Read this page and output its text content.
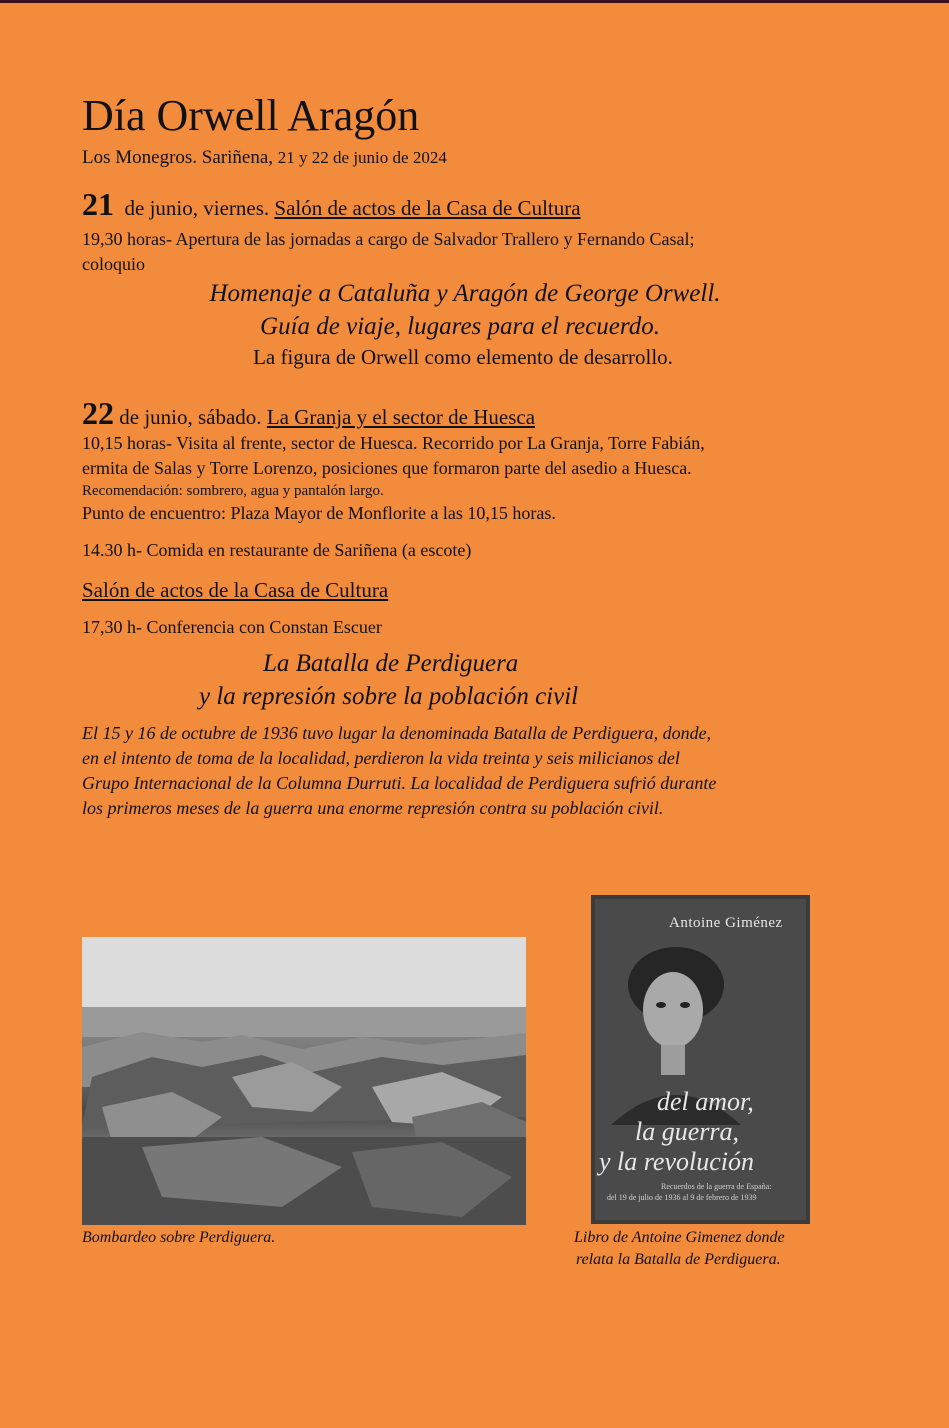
Día Orwell Aragón

Los Monegros. Sariñena, 21 y 22 de junio de 2024

21 de junio, viernes. Salón de actos de la Casa de Cultura

19,30 horas- Apertura de las jornadas a cargo de Salvador Trallero y Fernando Casal;

coloquio

Homenaje a Cataluña y Aragón de George Orwell.

Guía de viaje, lugares para el recuerdo.

La figura de Orwell como elemento de desarrollo.

22 de junio, sábado. La Granja y el sector de Huesca

10,15 horas- Visita al frente, sector de Huesca. Recorrido por La Granja, Torre Fabián,

ermita de Salas y Torre Lorenzo, posiciones que formaron parte del asedio a Huesca.

Recomendación: sombrero, agua y pantalón largo.

Punto de encuentro: Plaza Mayor de Monflorite a las 10,15 horas.

14.30 h- Comida en restaurante de Sariñena (a escote)

Salón de actos de la Casa de Cultura

17,30 h- Conferencia con Constan Escuer

La Batalla de Perdiguera

y la represión sobre la población civil

El 15 y 16 de octubre de 1936 tuvo lugar la denominada Batalla de Perdiguera, donde,

en el intento de toma de la localidad, perdieron la vida treinta y seis milicianos del

Grupo Internacional de la Columna Durruti. La localidad de Perdiguera sufrió durante

los primeros meses de la guerra una enorme represión contra su población civil.

Bombardeo sobre Perdiguera.

Antoine Giménez

del amor,

la guerra,

y la revolución

Recuerdos de la guerra de España:

del 19 de julio de 1936 al 9 de febrero de 1939

Libro de Antoine Gimenez donde

relata la Batalla de Perdiguera.
